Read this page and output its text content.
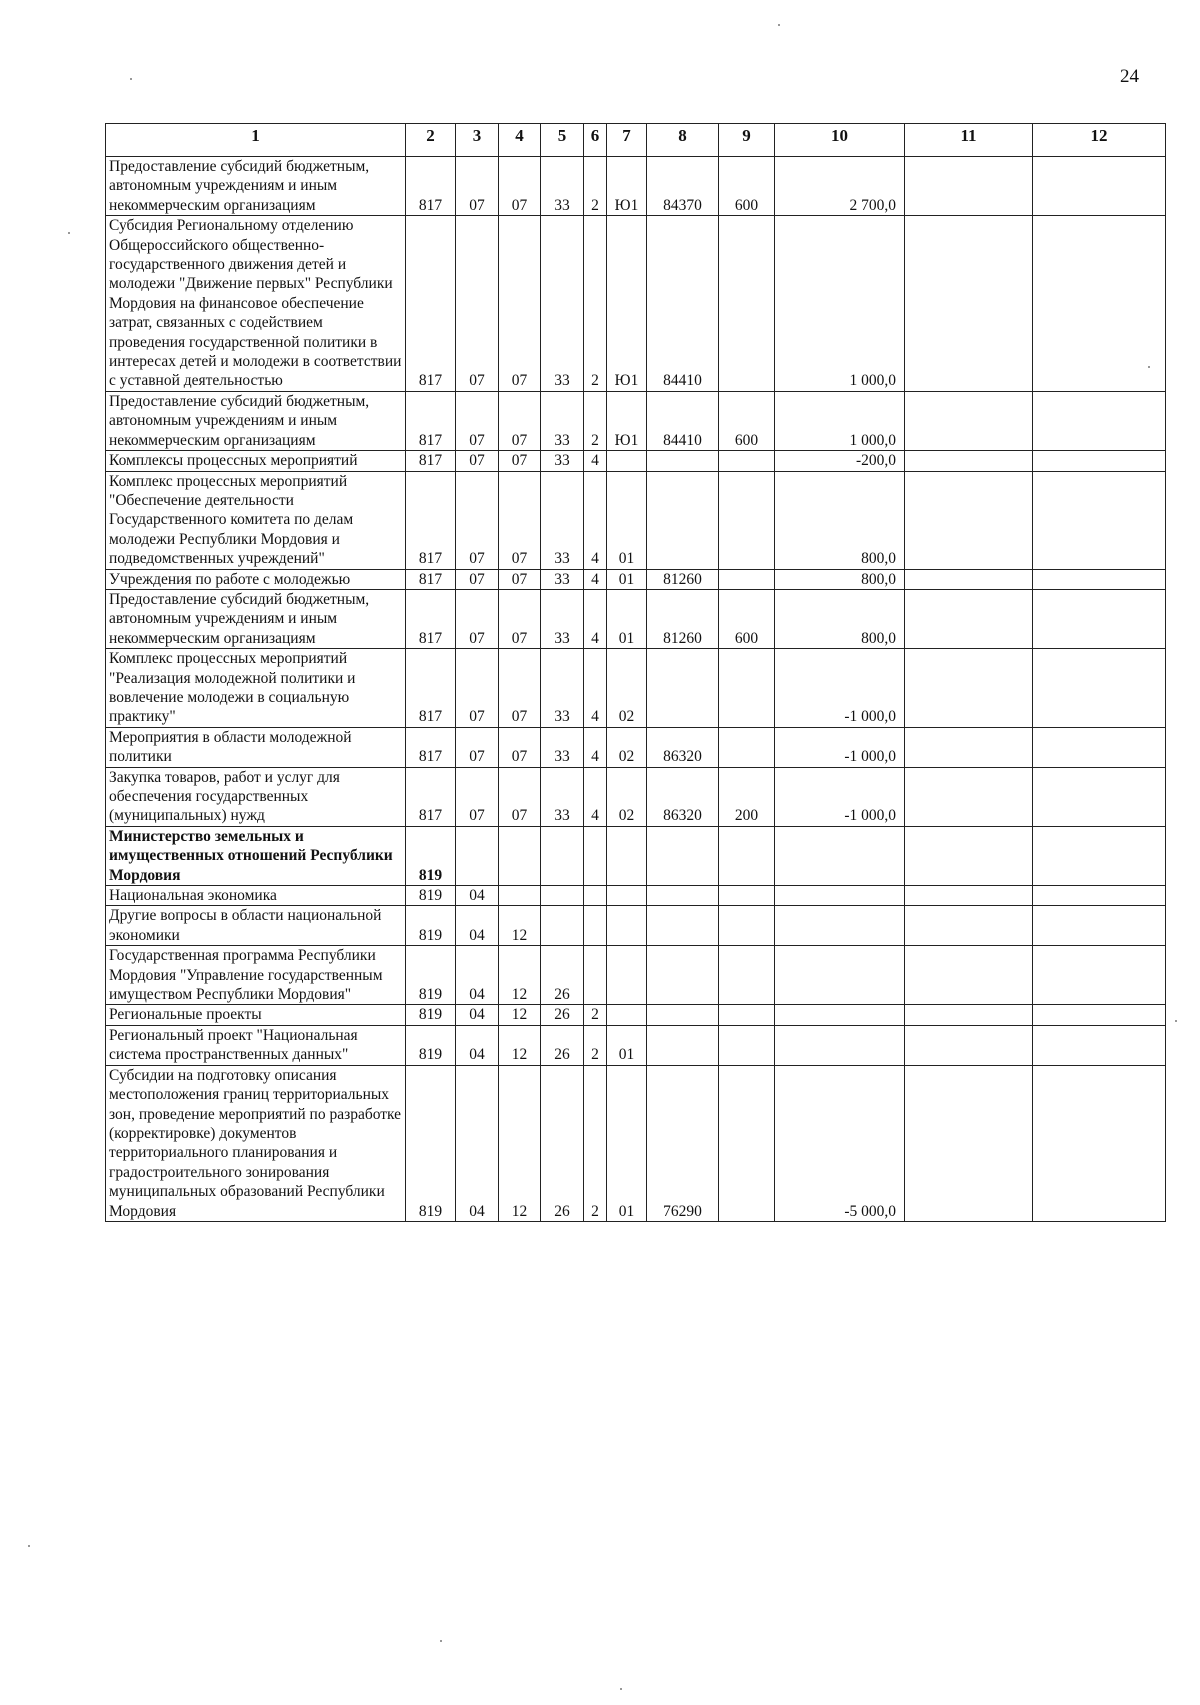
24
1	2	3	4	5	6	7	8	9	10	11	12
Предоставление субсидий бюджетным, автономным учреждениям и иным некоммерческим организациям	817	07	07	33	2	Ю1	84370	600	2 700,0		
Субсидия Региональному отделению Общероссийского общественно-государственного движения детей и молодежи "Движение первых" Республики Мордовия на финансовое обеспечение затрат, связанных с содействием проведения государственной политики в интересах детей и молодежи в соответствии с уставной деятельностью	817	07	07	33	2	Ю1	84410		1 000,0		
Предоставление субсидий бюджетным, автономным учреждениям и иным некоммерческим организациям	817	07	07	33	2	Ю1	84410	600	1 000,0		
Комплексы процессных мероприятий	817	07	07	33	4				-200,0		
Комплекс процессных мероприятий "Обеспечение деятельности Государственного комитета по делам молодежи Республики Мордовия и подведомственных учреждений"	817	07	07	33	4	01			800,0		
Учреждения по работе с молодежью	817	07	07	33	4	01	81260		800,0		
Предоставление субсидий бюджетным, автономным учреждениям и иным некоммерческим организациям	817	07	07	33	4	01	81260	600	800,0		
Комплекс процессных мероприятий "Реализация молодежной политики и вовлечение молодежи в социальную практику"	817	07	07	33	4	02			-1 000,0		
Мероприятия в области молодежной политики	817	07	07	33	4	02	86320		-1 000,0		
Закупка товаров, работ и услуг для обеспечения государственных (муниципальных) нужд	817	07	07	33	4	02	86320	200	-1 000,0		
Министерство земельных и имущественных отношений Республики Мордовия	819										
Национальная экономика	819	04									
Другие вопросы в области национальной экономики	819	04	12								
Государственная программа Республики Мордовия "Управление государственным имуществом Республики Мордовия"	819	04	12	26							
Региональные проекты	819	04	12	26	2						
Региональный проект "Национальная система пространственных данных"	819	04	12	26	2	01					
Субсидии на подготовку описания местоположения границ территориальных зон, проведение мероприятий по разработке (корректировке) документов территориального планирования и градостроительного зонирования муниципальных образований Республики Мордовия	819	04	12	26	2	01	76290		-5 000,0		
